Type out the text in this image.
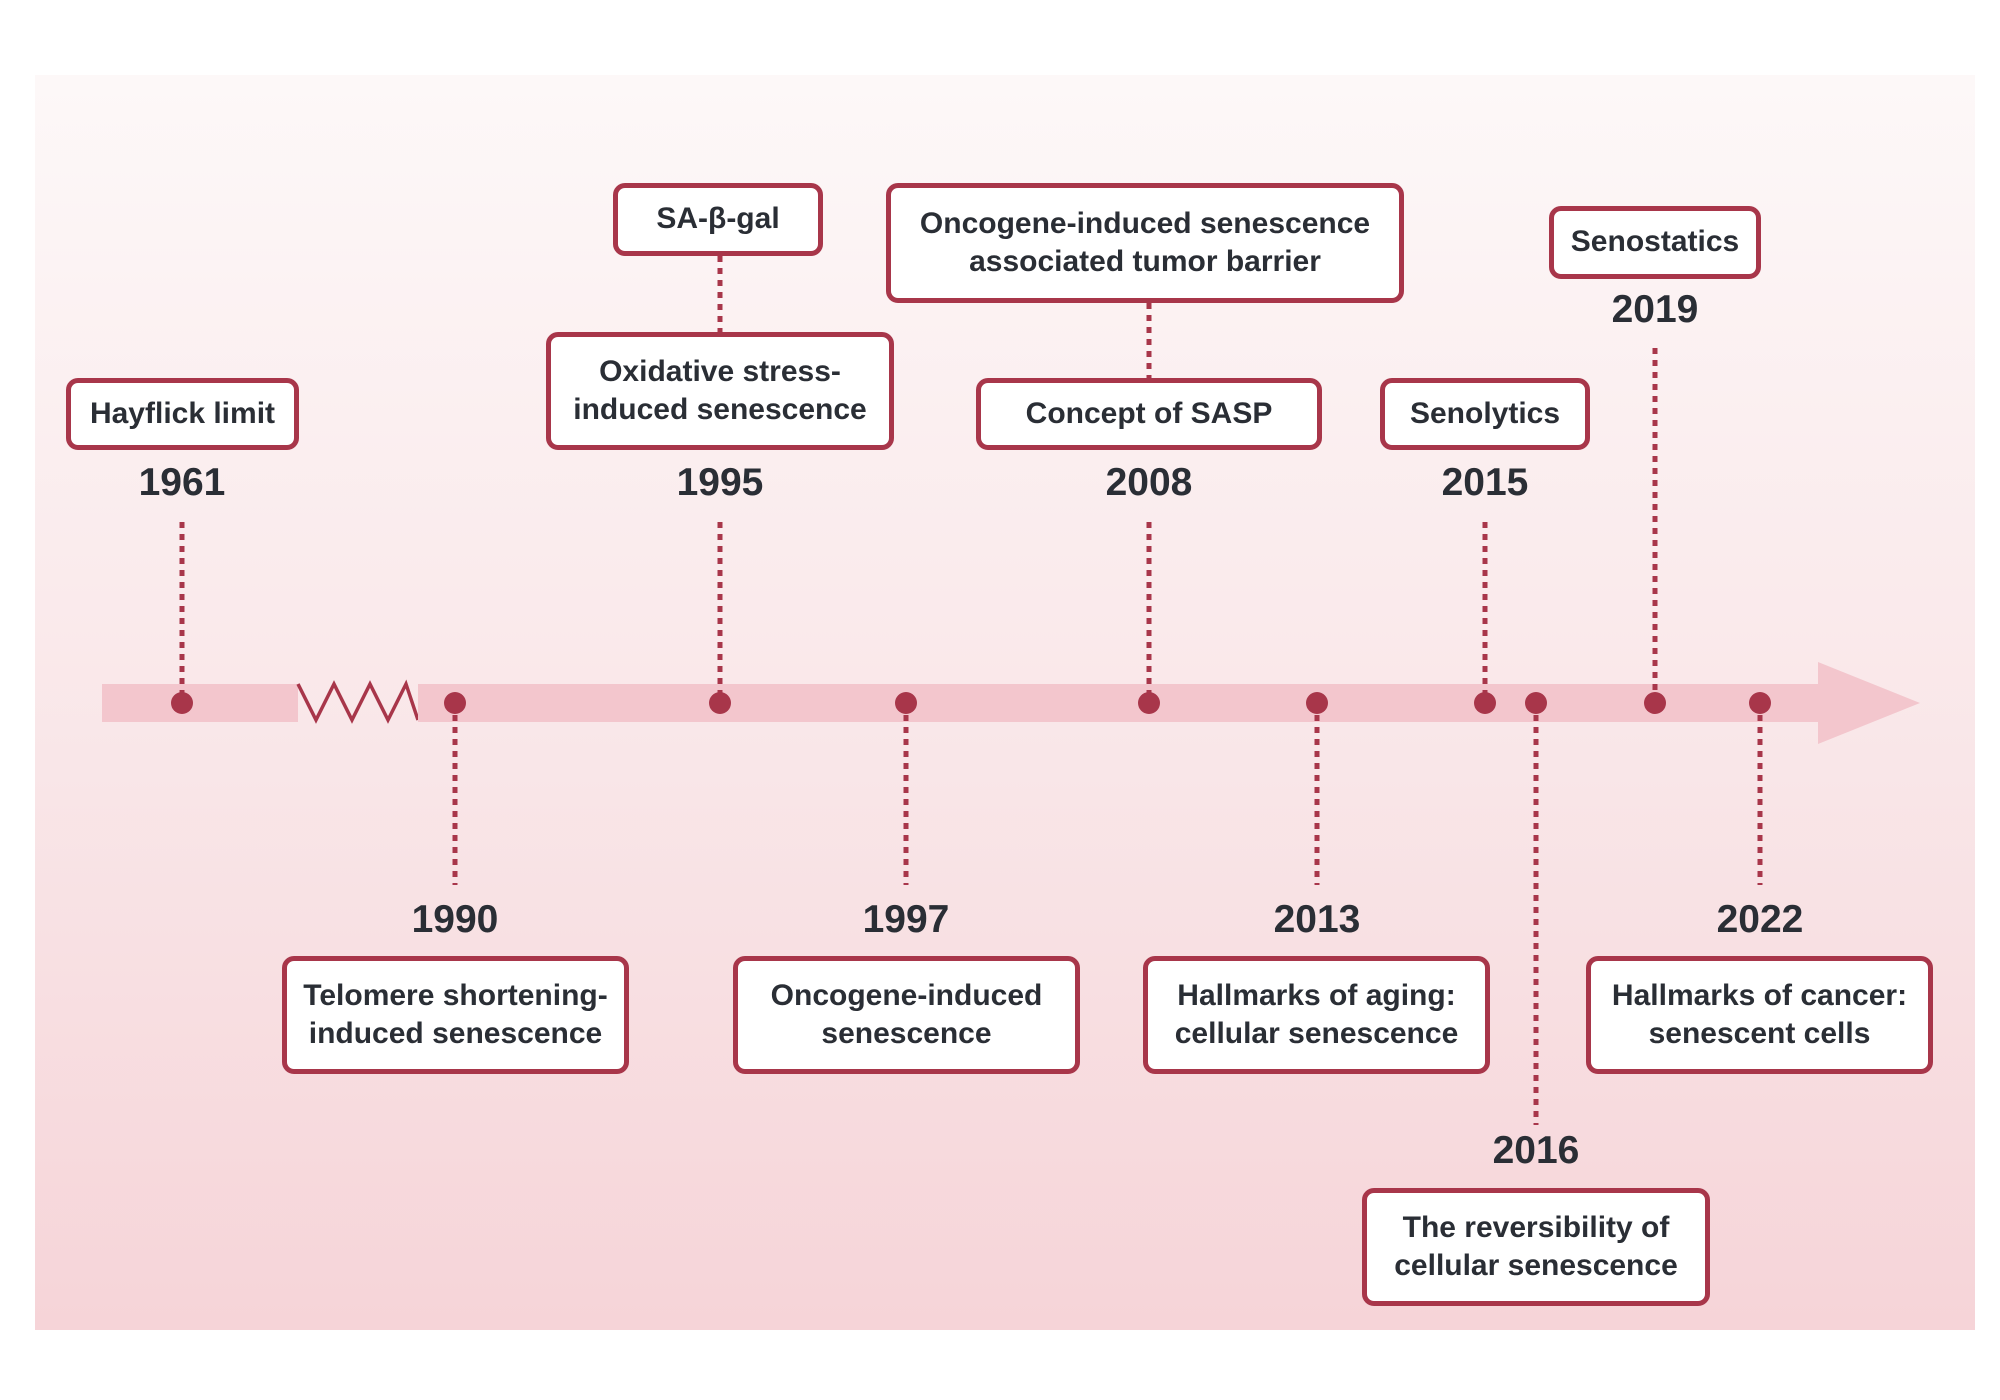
1961	1995	2008	2015
2019
1990	1997	2013	2022
2016
Hayflick limit
Oxidative stress-
induced senescence
SA-β-gal
Concept of SASP
Oncogene-induced senescence
associated tumor barrier
Senolytics
Senostatics
Telomere shortening-
induced senescence
Oncogene-induced
senescence
Hallmarks of aging:
cellular senescence
Hallmarks of cancer:
senescent cells
The reversibility of
cellular senescence
